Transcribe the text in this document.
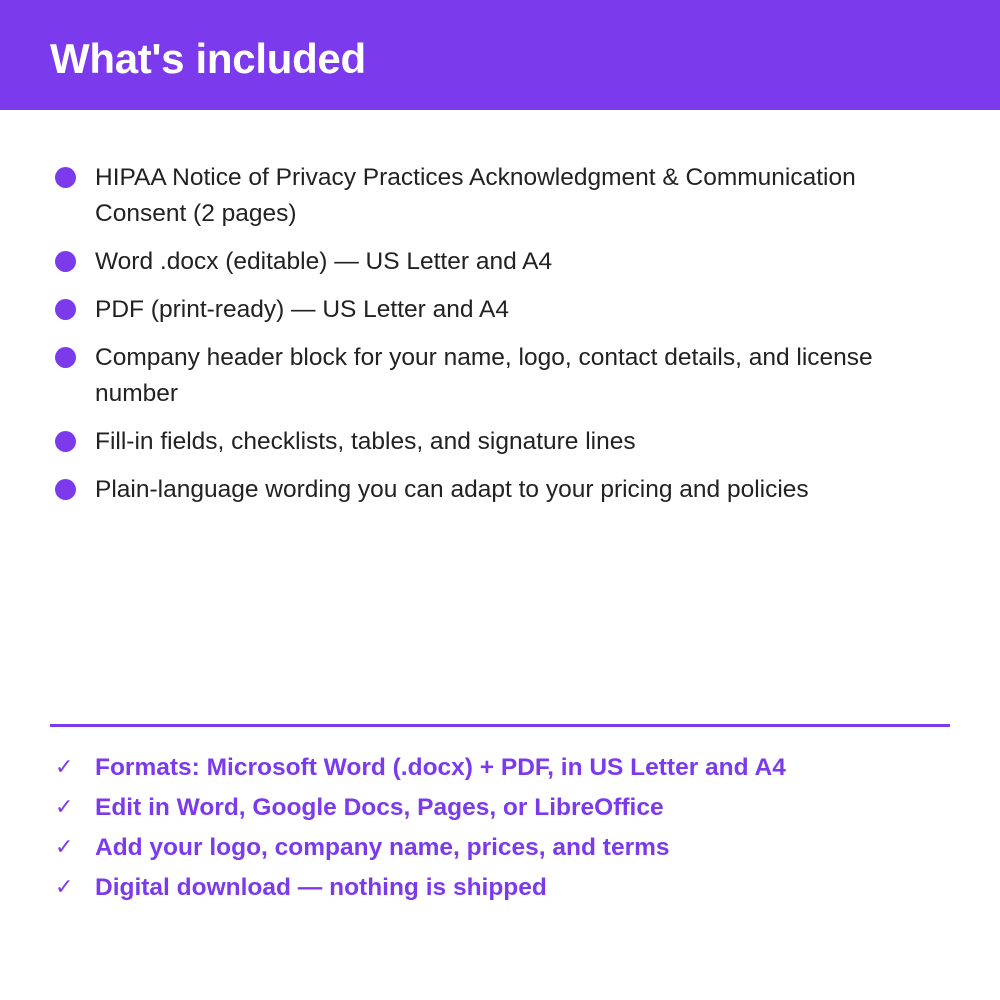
What's included
HIPAA Notice of Privacy Practices Acknowledgment & Communication Consent (2 pages)
Word .docx (editable) — US Letter and A4
PDF (print-ready) — US Letter and A4
Company header block for your name, logo, contact details, and license number
Fill-in fields, checklists, tables, and signature lines
Plain-language wording you can adapt to your pricing and policies
✓ Formats: Microsoft Word (.docx) + PDF, in US Letter and A4
✓ Edit in Word, Google Docs, Pages, or LibreOffice
✓ Add your logo, company name, prices, and terms
✓ Digital download — nothing is shipped
